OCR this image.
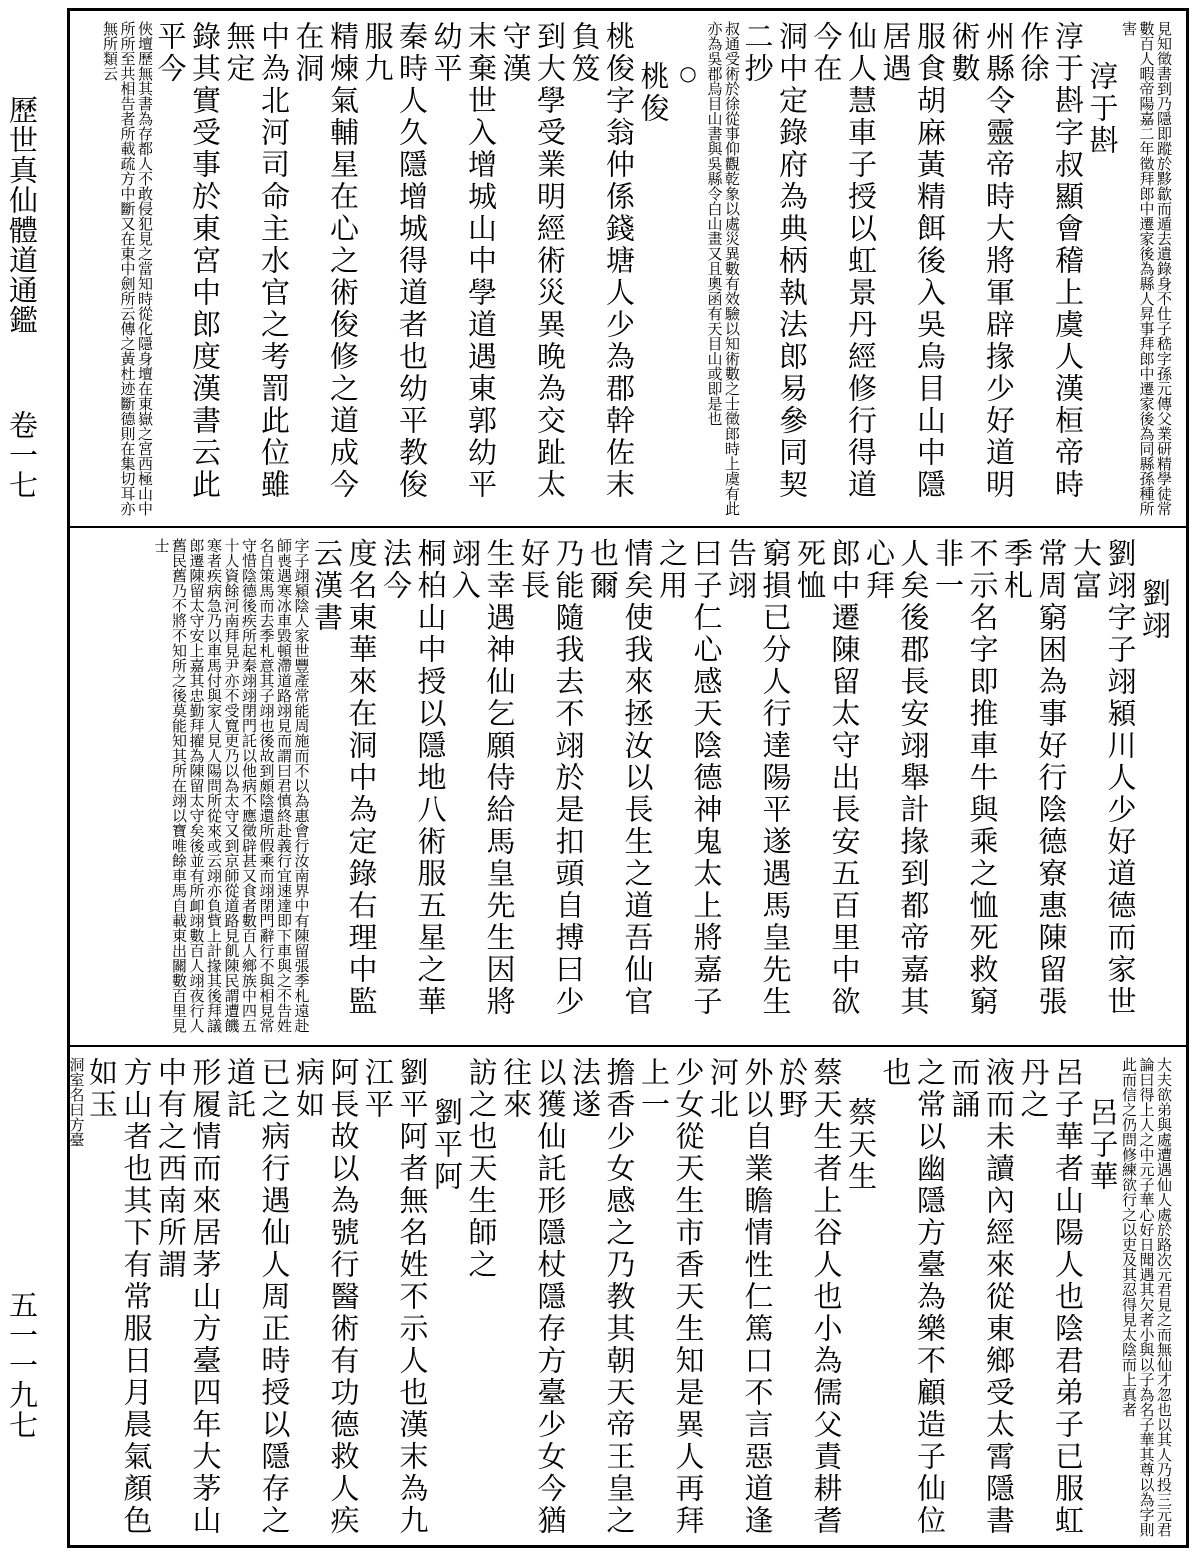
歷世真仙體道通鑑
五一一九七
卷一七	見知徵書到乃隱即蹤於黟歙而遁去遺錄身不仕子嵇字孫元傳父業研精學徒常數百人暇帝陽嘉二年徵拜郎中遷家後為縣人昇事拜郎中遷家後為同縣孫種所害

淳于斟

淳于斟字叔顯會稽上虞人漢桓帝時作徐

州縣令靈帝時大將軍辟掾少好道明術數

服食胡麻黃精餌後入吳烏目山中隱居遇

仙人慧車子授以虹景丹經修行得道今在

洞中定錄府為典柄執法郎易參同契二抄

叔通受術於徐從事仰觀乾象以處災異數有效驗以知術數之士徵郎時上虞有此亦為吳郡烏目山書與吳縣令白山畫又且奧函有天目山或即是也

○

桃俊

桃俊字翁仲係錢塘人少為郡幹佐末負笈

到大學受業明經術災異晚為交趾太守漢

末棄世入增城山中學道遇東郭幼平幼平

秦時人久隱增城得道者也幼平教俊服九

精煉氣輔星在心之術俊修之道成今在洞

中為北河司命主水官之考罰此位雖無定

錄其實受事於東宮中郎度漢書云此平今

俠壇歷無其書為存都人不敢侵犯見之當知時從化隱身壇在東嶽之宮西極山中所所至共相告者所載疏方中斷又在東中劍所云傳之黃杜迹斷德則在集切耳亦無所類云

劉翊

劉翊字子翊潁川人少好道德而家世大富

常周窮困為事好行陰德寮惠陳留張季札

不示名字即推車牛與乘之恤死救窮非一

人矣後郡長安翊舉計掾到都帝嘉其心拜

郎中遷陳留太守出長安五百里中欲死恤

窮損已分人行達陽平遂遇馬皇先生告翊

曰子仁心感天陰德神鬼太上將嘉子之用

情矣使我來拯汝以長生之道吾仙官也爾

乃能隨我去不翊於是扣頭自搏曰少好長

生幸遇神仙乞願侍給馬皇先生因將翊入

桐柏山中授以隱地八術服五星之華法今

度名東華來在洞中為定錄右理中監云漢書

字子翊潁陰人家世豐產常能周施而不以為惠會行汝南界中有陳留張季札遠赴師喪遇寒冰車毀頓滯道路翊見而謂曰君慎終赴義行宜速達即下車與之不告姓名自策馬而去季札意其子翊也後故到頗陰還所假乘而翊閉門辭行不與相見常守惜陰德後疾所起秦翊翊閉門託以他病不應徵辟甚又食者數百人鄉族中四五十人資餘河南拜見尹亦不受寬更乃以為太守又到京師從道路見飢陳民謂遭饑寒者疾病急乃以車馬付與家人見人陽問所從來或云翊亦負貲上計掾其後拜議郎遷陳留太守安上嘉其忠勤拜擢為陳留太守矣後並有所卹翊數百人翊夜行人舊民舊乃不將不知所之後莫能知其所在翊以寶唯餘車馬自載東出關數百里見士

大夫欲弟與處遭遇仙人處於路次元君見之而無仙才忽也以其人乃投三元君論曰得上人之中元子華心好日聞遇其欠者小與以子為名子華其尊以為字則此而信之仍問修練欲行之以吏及其忍得見太陰而上真者

呂子華

呂子華者山陽人也陰君弟子已服虹丹之

液而未讀內經來從東鄉受太霄隱書而誦

之常以幽隱方臺為樂不顧造子仙位也

蔡天生

蔡天生者上谷人也小為儒父責耕耆於野

外以自業瞻情性仁篤口不言惡道逢河北

少女從天生市香天生知是異人再拜上一

擔香少女感之乃教其朝天帝王皇之法遂

以獲仙託形隱杖隱存方臺少女今猶往來

訪之也天生師之

劉平阿

劉平阿者無名姓不示人也漢末為九江平

阿長故以為號行醫術有功德救人疾病如

已之病行遇仙人周正時授以隱存之道託

形履情而來居茅山方臺四年大茅山中有之西南所謂

方山者也其下有常服日月晨氣顏色如玉

洞室名曰方臺
